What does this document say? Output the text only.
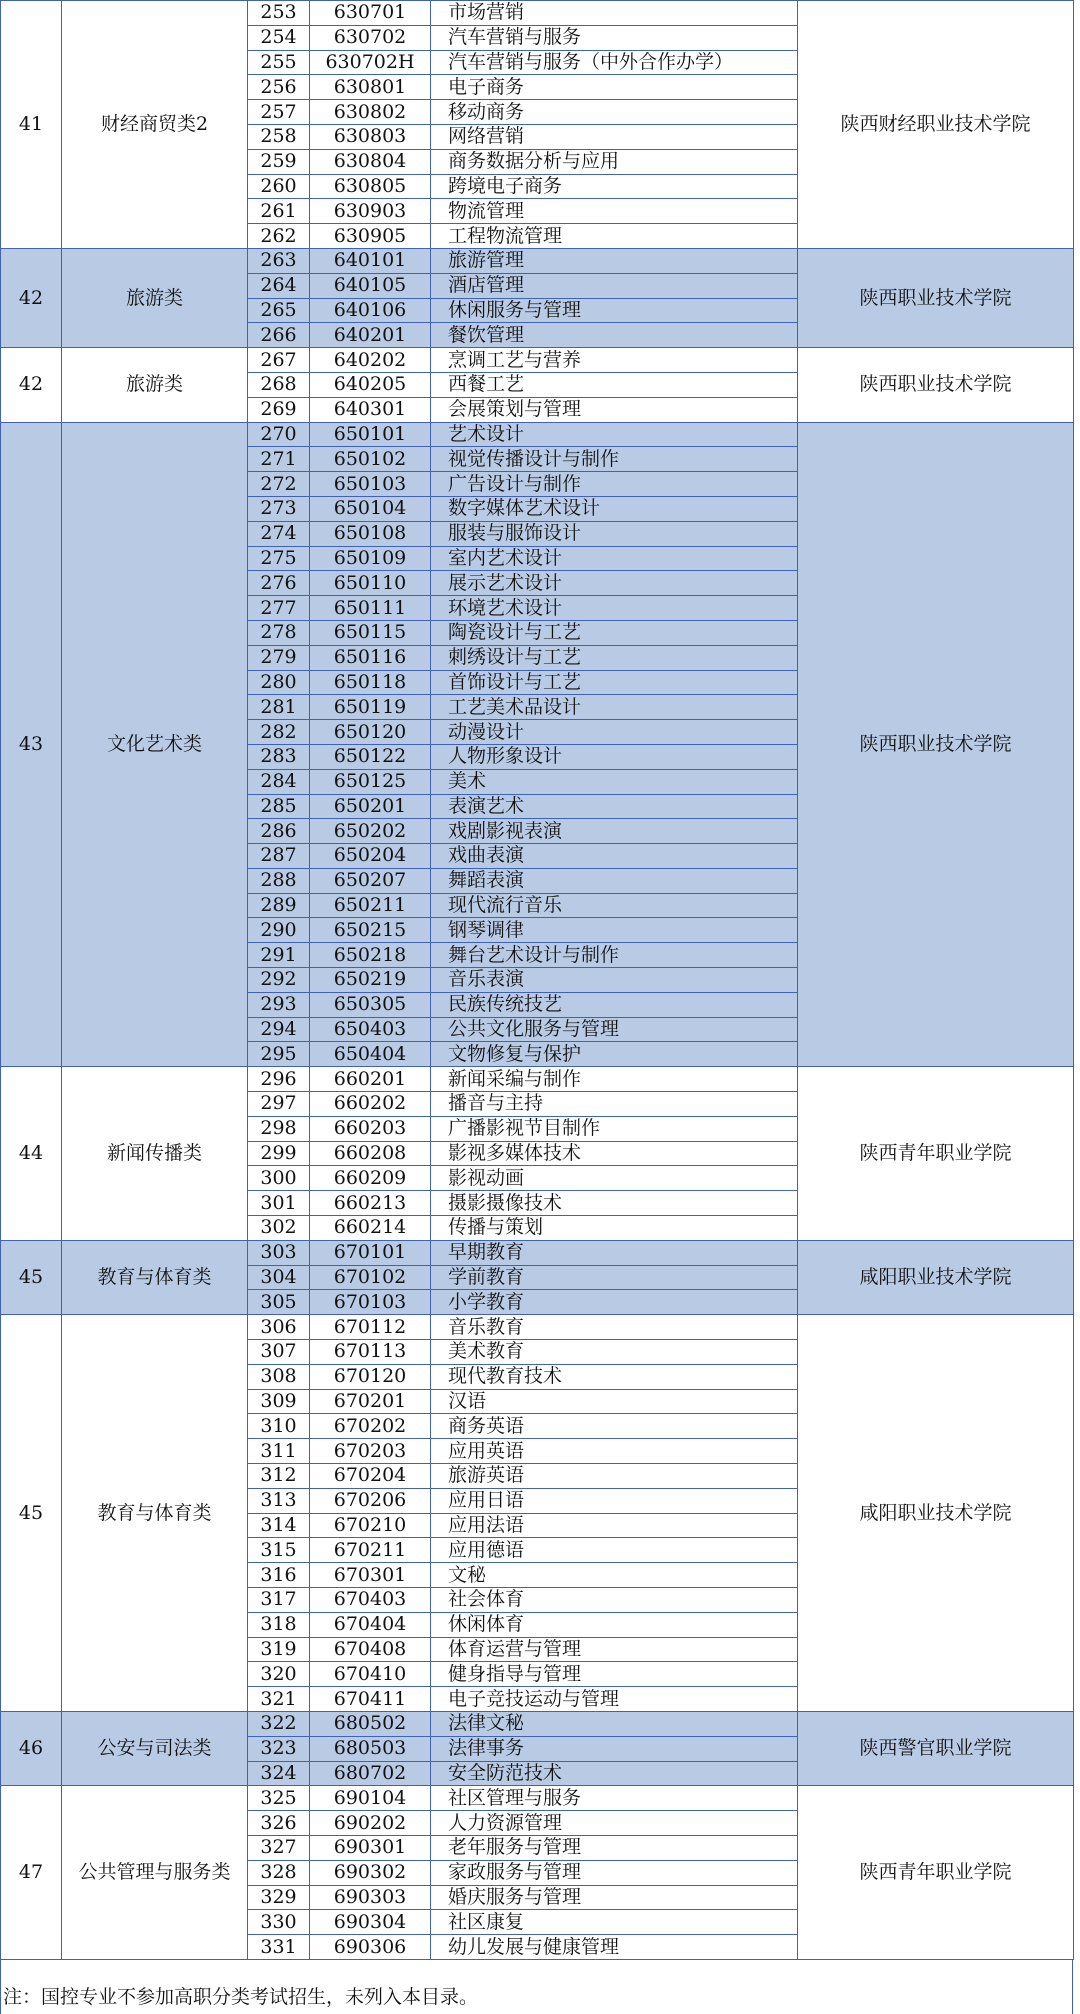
41	财经商贸类2	253	630701	市场营销	陕西财经职业技术学院
		254	630702	汽车营销与服务	
		255	630702H	汽车营销与服务（中外合作办学）	
		256	630801	电子商务	
		257	630802	移动商务	
		258	630803	网络营销	
		259	630804	商务数据分析与应用	
		260	630805	跨境电子商务	
		261	630903	物流管理	
		262	630905	工程物流管理	
42	旅游类	263	640101	旅游管理	陕西职业技术学院
		264	640105	酒店管理	
		265	640106	休闲服务与管理	
		266	640201	餐饮管理	
42	旅游类	267	640202	烹调工艺与营养	陕西职业技术学院
		268	640205	西餐工艺	
		269	640301	会展策划与管理	
43	文化艺术类	270	650101	艺术设计	陕西职业技术学院
		271	650102	视觉传播设计与制作	
		272	650103	广告设计与制作	
		273	650104	数字媒体艺术设计	
		274	650108	服装与服饰设计	
		275	650109	室内艺术设计	
		276	650110	展示艺术设计	
		277	650111	环境艺术设计	
		278	650115	陶瓷设计与工艺	
		279	650116	刺绣设计与工艺	
		280	650118	首饰设计与工艺	
		281	650119	工艺美术品设计	
		282	650120	动漫设计	
		283	650122	人物形象设计	
		284	650125	美术	
		285	650201	表演艺术	
		286	650202	戏剧影视表演	
		287	650204	戏曲表演	
		288	650207	舞蹈表演	
		289	650211	现代流行音乐	
		290	650215	钢琴调律	
		291	650218	舞台艺术设计与制作	
		292	650219	音乐表演	
		293	650305	民族传统技艺	
		294	650403	公共文化服务与管理	
		295	650404	文物修复与保护	
44	新闻传播类	296	660201	新闻采编与制作	陕西青年职业学院
		297	660202	播音与主持	
		298	660203	广播影视节目制作	
		299	660208	影视多媒体技术	
		300	660209	影视动画	
		301	660213	摄影摄像技术	
		302	660214	传播与策划	
45	教育与体育类	303	670101	早期教育	咸阳职业技术学院
		304	670102	学前教育	
		305	670103	小学教育	
45	教育与体育类	306	670112	音乐教育	咸阳职业技术学院
		307	670113	美术教育	
		308	670120	现代教育技术	
		309	670201	汉语	
		310	670202	商务英语	
		311	670203	应用英语	
		312	670204	旅游英语	
		313	670206	应用日语	
		314	670210	应用法语	
		315	670211	应用德语	
		316	670301	文秘	
		317	670403	社会体育	
		318	670404	休闲体育	
		319	670408	体育运营与管理	
		320	670410	健身指导与管理	
		321	670411	电子竞技运动与管理	
46	公安与司法类	322	680502	法律文秘	陕西警官职业学院
		323	680503	法律事务	
		324	680702	安全防范技术	
47	公共管理与服务类	325	690104	社区管理与服务	陕西青年职业学院
		326	690202	人力资源管理	
		327	690301	老年服务与管理	
		328	690302	家政服务与管理	
		329	690303	婚庆服务与管理	
		330	690304	社区康复	
		331	690306	幼儿发展与健康管理	
注：国控专业不参加高职分类考试招生，未列入本目录。
